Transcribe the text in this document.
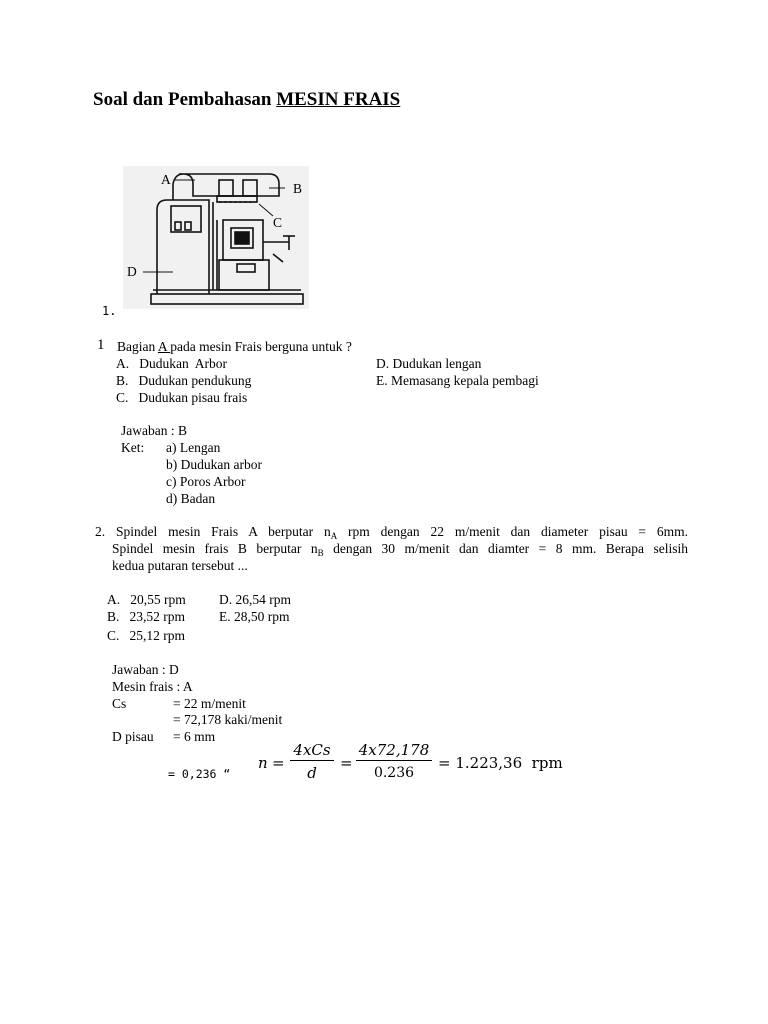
Soal dan Pembahasan MESIN FRAIS
A
B
C
D
1.
1 Bagian A pada mesin Frais berguna untuk ?
A.   Dudukan  Arbor
B.   Dudukan pendukung
C.   Dudukan pisau frais
D. Dudukan lengan
E. Memasang kepala pembagi
Jawaban : B
Ket: a) Lengan
b) Dudukan arbor
c) Poros Arbor
d) Badan
2. Spindel mesin Frais A berputar $n_A$ rpm dengan 22 m/menit dan diameter pisau = 6mm.
Spindel mesin frais B berputar $n_B$ dengan 30 m/menit dan diamter = 8 mm. Berapa selisih
kedua putaran tersebut ...
A.   20,55 rpm
B.   23,52 rpm
C.   25,12 rpm
D. 26,54 rpm
E. 28,50 rpm
Jawaban : D
Mesin frais : A
Cs	= 22 m/menit
= 72,178 kaki/menit
D pisau = 6 mm
= 0,236 “
n =
4xCs
d
= $\frac{4x72,178}{0.236} = 1.223,36$  rpm
